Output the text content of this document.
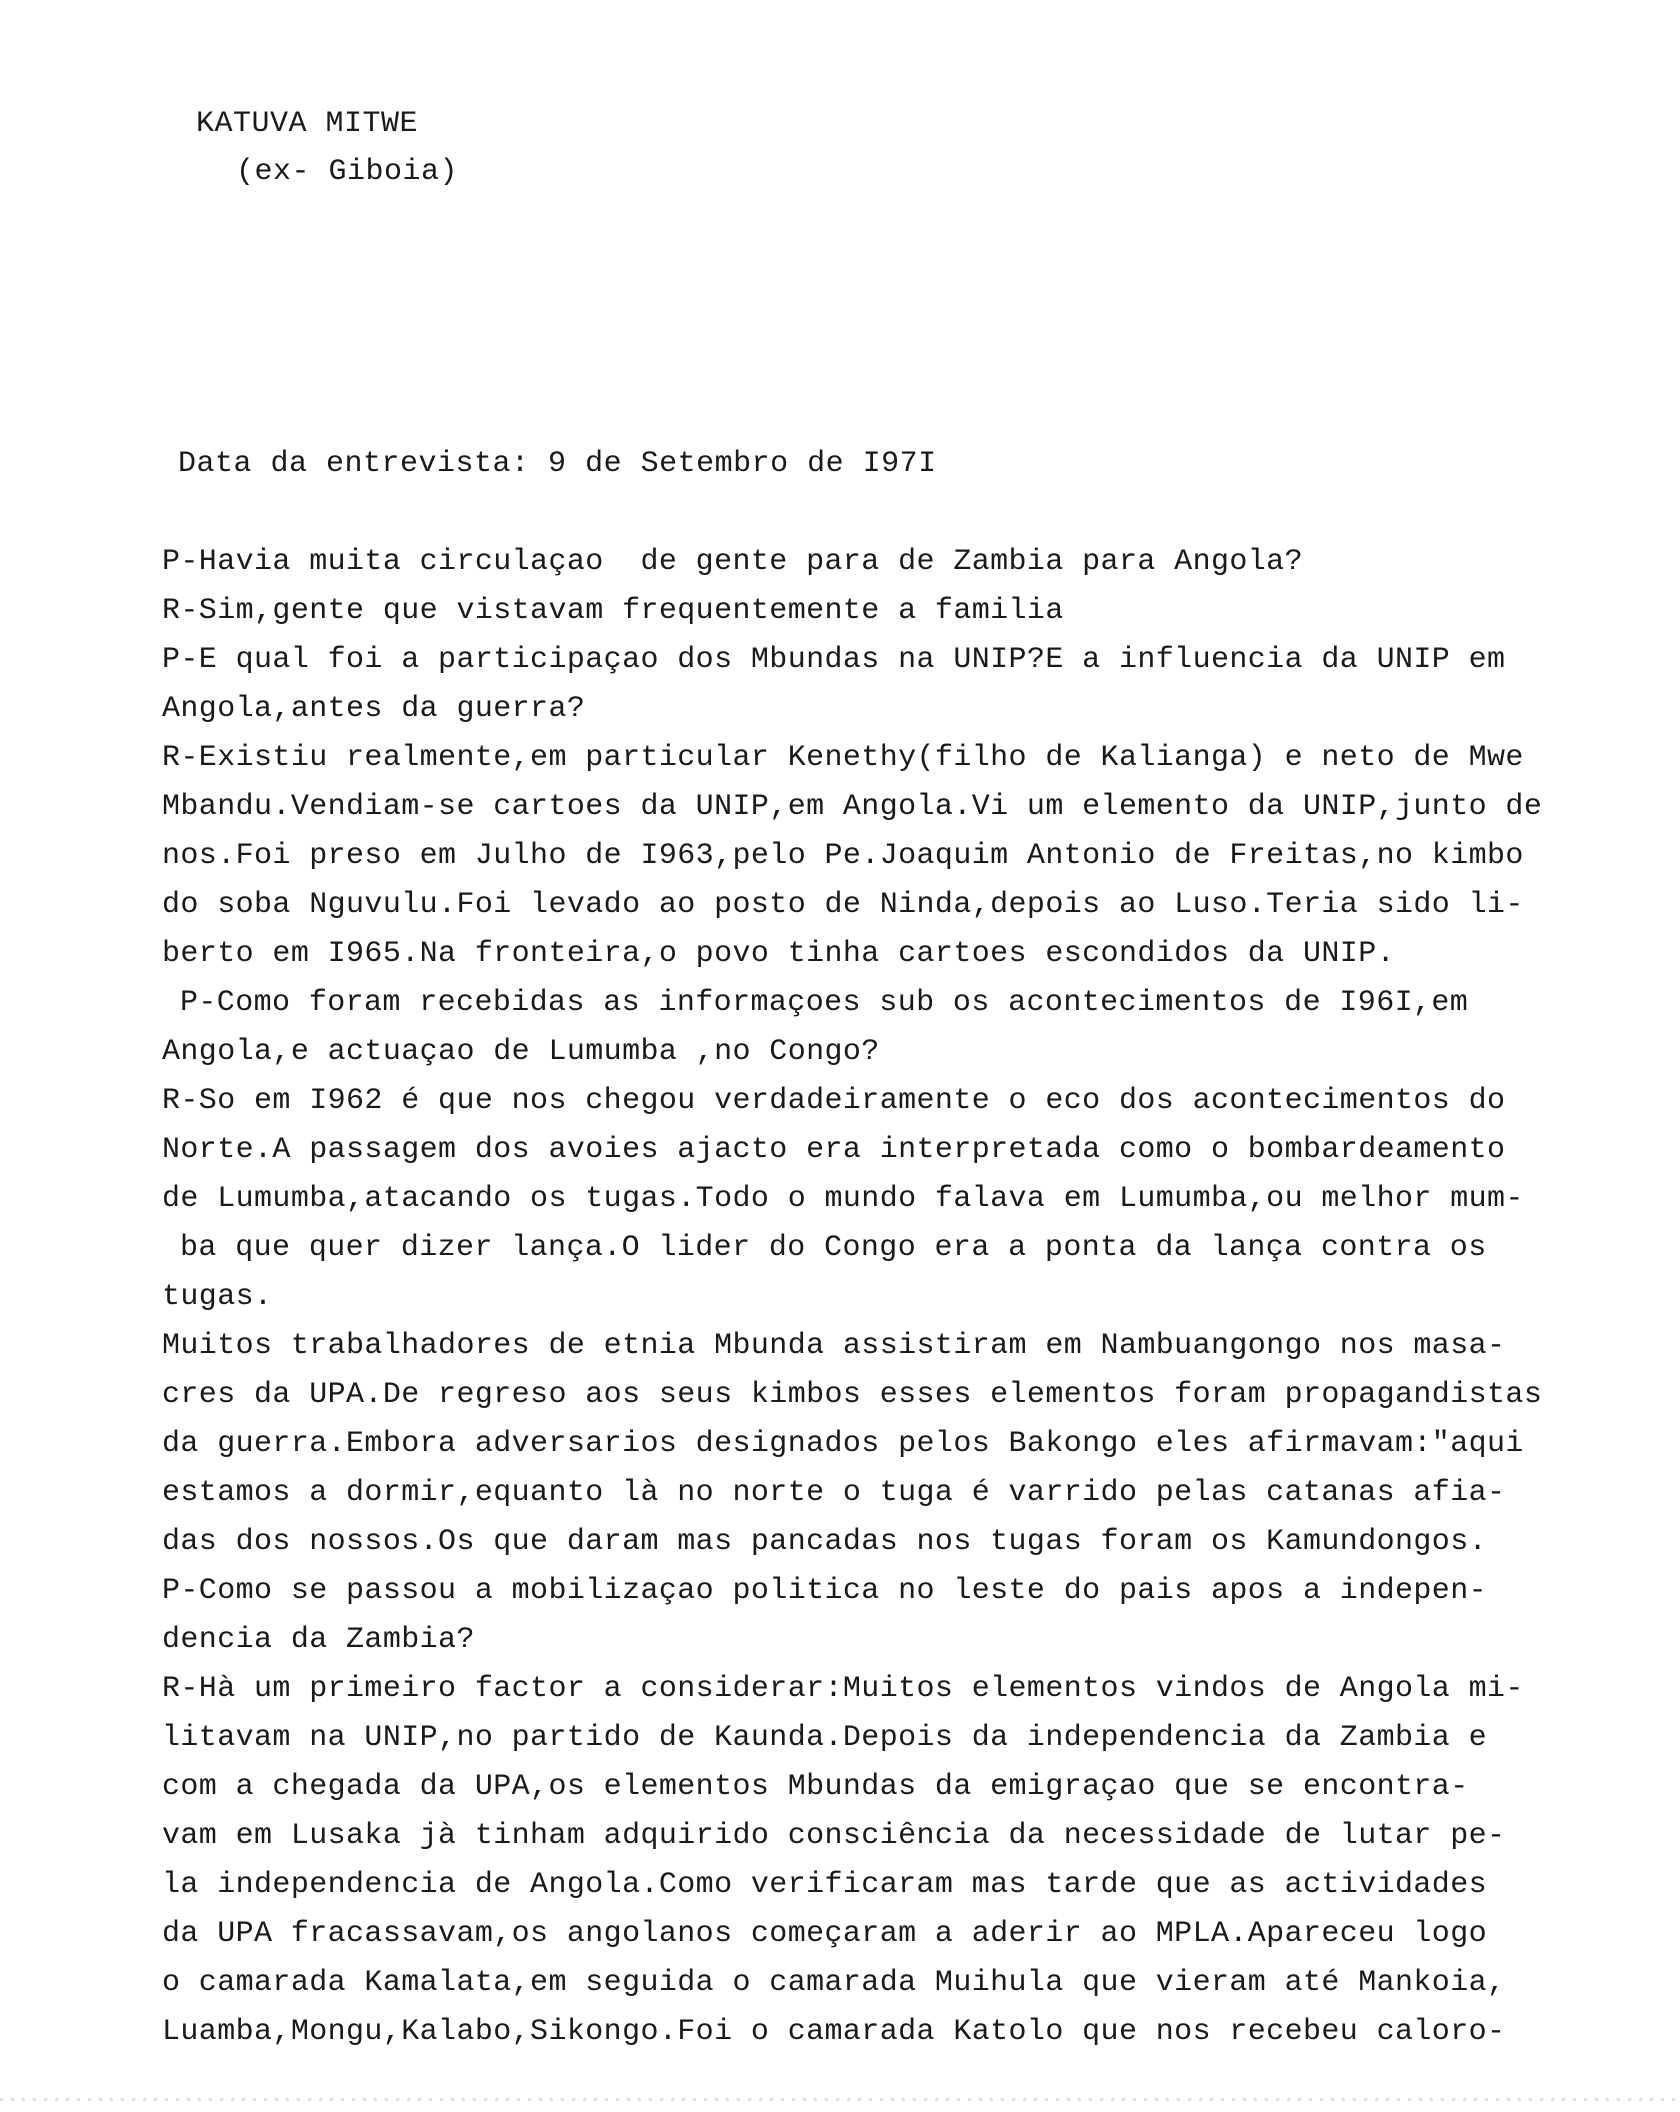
KATUVA MITWE
(ex- Giboia)
Data da entrevista: 9 de Setembro de I97I
P-Havia muita circulaçao  de gente para de Zambia para Angola?
R-Sim,gente que vistavam frequentemente a familia
P-E qual foi a participaçao dos Mbundas na UNIP?E a influencia da UNIP em
Angola,antes da guerra?
R-Existiu realmente,em particular Kenethy(filho de Kalianga) e neto de Mwe
Mbandu.Vendiam-se cartoes da UNIP,em Angola.Vi um elemento da UNIP,junto de
nos.Foi preso em Julho de I963,pelo Pe.Joaquim Antonio de Freitas,no kimbo
do soba Nguvulu.Foi levado ao posto de Ninda,depois ao Luso.Teria sido li-
berto em I965.Na fronteira,o povo tinha cartoes escondidos da UNIP.
P-Como foram recebidas as informaçoes sub os acontecimentos de I96I,em
Angola,e actuaçao de Lumumba ,no Congo?
R-So em I962 é que nos chegou verdadeiramente o eco dos acontecimentos do
Norte.A passagem dos avoies ajacto era interpretada como o bombardeamento
de Lumumba,atacando os tugas.Todo o mundo falava em Lumumba,ou melhor mum-
ba que quer dizer lança.O lider do Congo era a ponta da lança contra os
tugas.
Muitos trabalhadores de etnia Mbunda assistiram em Nambuangongo nos masa-
cres da UPA.De regreso aos seus kimbos esses elementos foram propagandistas
da guerra.Embora adversarios designados pelos Bakongo eles afirmavam:"aqui
estamos a dormir,equanto là no norte o tuga é varrido pelas catanas afia-
das dos nossos.Os que daram mas pancadas nos tugas foram os Kamundongos.
P-Como se passou a mobilizaçao politica no leste do pais apos a indepen-
dencia da Zambia?
R-Hà um primeiro factor a considerar:Muitos elementos vindos de Angola mi-
litavam na UNIP,no partido de Kaunda.Depois da independencia da Zambia e
com a chegada da UPA,os elementos Mbundas da emigraçao que se encontra-
vam em Lusaka jà tinham adquirido consciência da necessidade de lutar pe-
la independencia de Angola.Como verificaram mas tarde que as actividades
da UPA fracassavam,os angolanos começaram a aderir ao MPLA.Apareceu logo
o camarada Kamalata,em seguida o camarada Muihula que vieram até Mankoia,
Luamba,Mongu,Kalabo,Sikongo.Foi o camarada Katolo que nos recebeu caloro-
